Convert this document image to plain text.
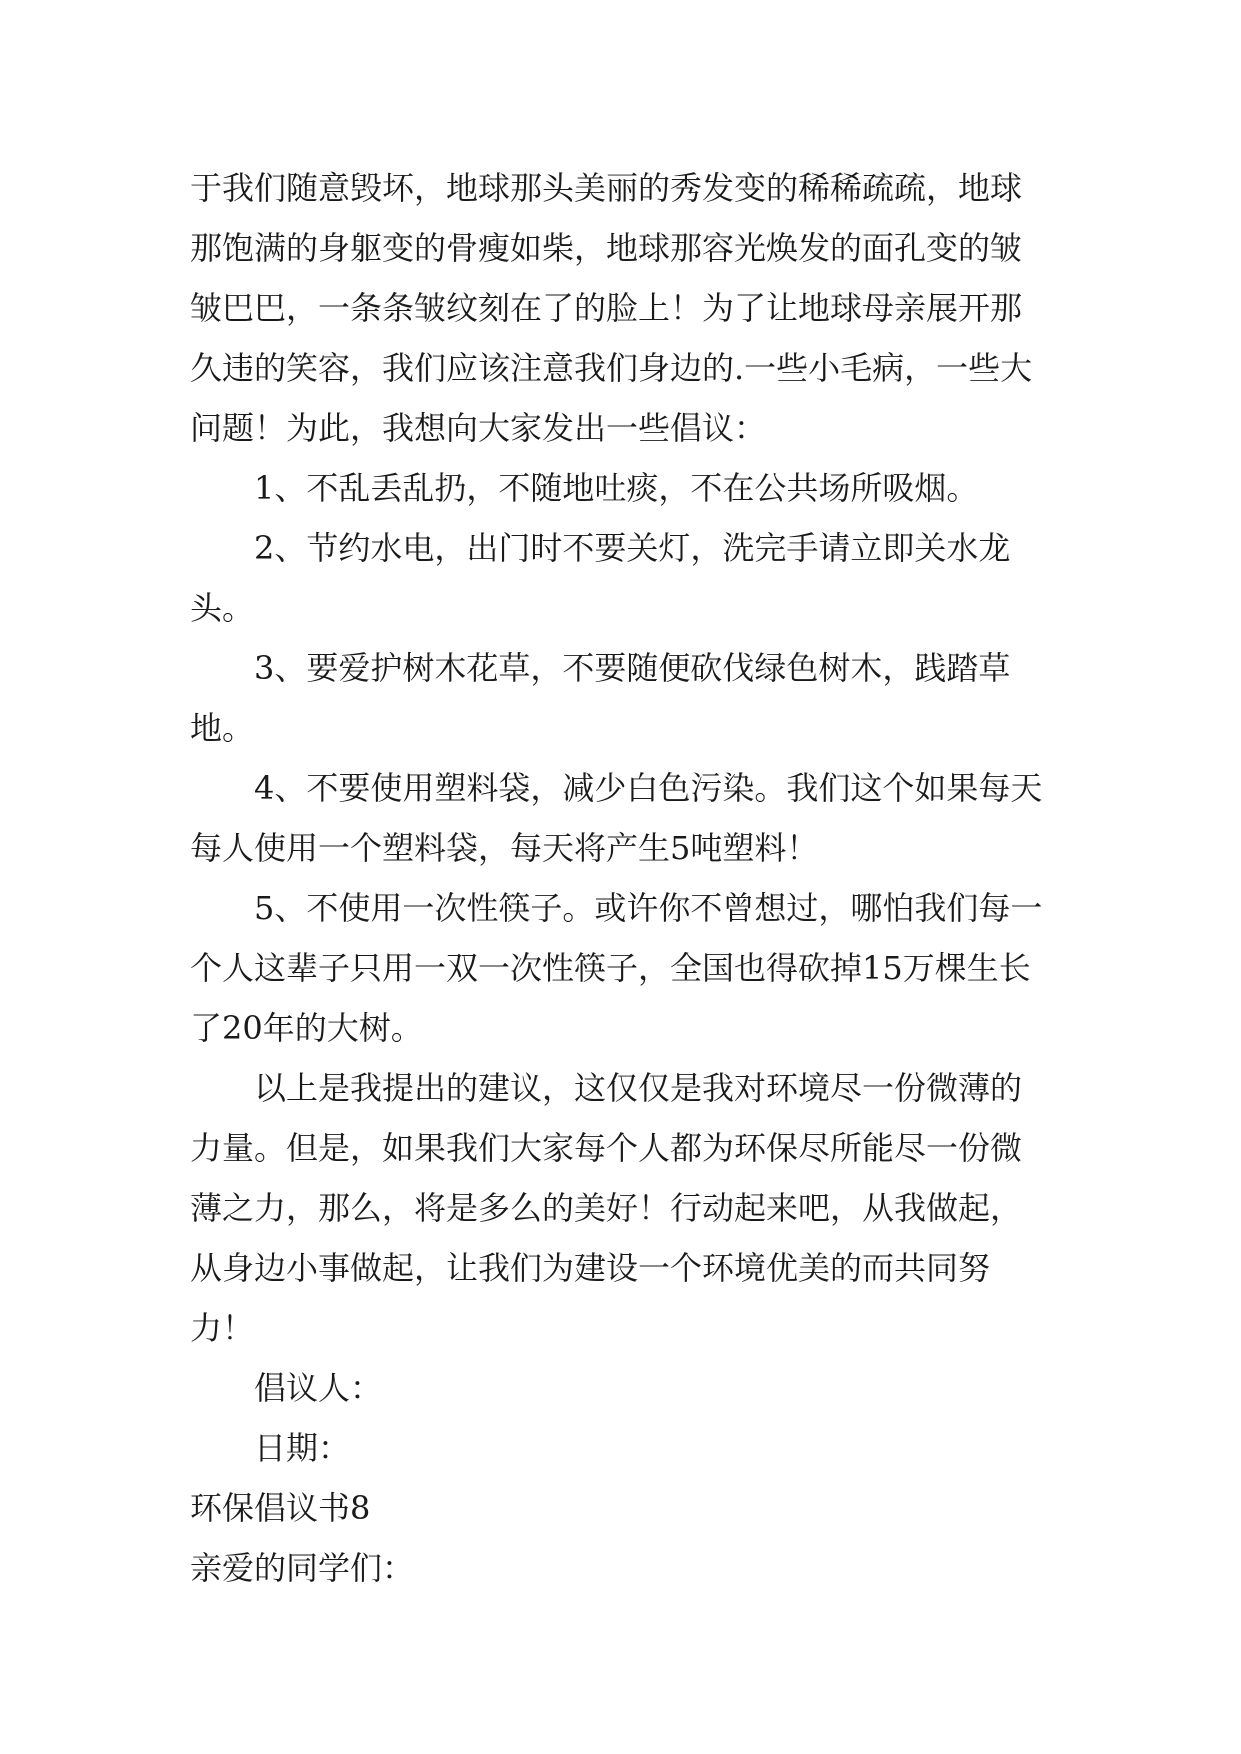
于我们随意毁坏，地球那头美丽的秀发变的稀稀疏疏，地球那饱满的身躯变的骨瘦如柴，地球那容光焕发的面孔变的皱皱巴巴，一条条皱纹刻在了的脸上！为了让地球母亲展开那久违的笑容，我们应该注意我们身边的.一些小毛病，一些大问题！为此，我想向大家发出一些倡议：

1、不乱丢乱扔，不随地吐痰，不在公共场所吸烟。

2、节约水电，出门时不要关灯，洗完手请立即关水龙头。

3、要爱护树木花草，不要随便砍伐绿色树木，践踏草地。

4、不要使用塑料袋，减少白色污染。我们这个如果每天每人使用一个塑料袋，每天将产生5吨塑料！

5、不使用一次性筷子。或许你不曾想过，哪怕我们每一个人这辈子只用一双一次性筷子，全国也得砍掉15万棵生长了20年的大树。

以上是我提出的建议，这仅仅是我对环境尽一份微薄的力量。但是，如果我们大家每个人都为环保尽所能尽一份微薄之力，那么，将是多么的美好！行动起来吧，从我做起，从身边小事做起，让我们为建设一个环境优美的而共同努力！

倡议人：

日期：

环保倡议书8

亲爱的同学们：
